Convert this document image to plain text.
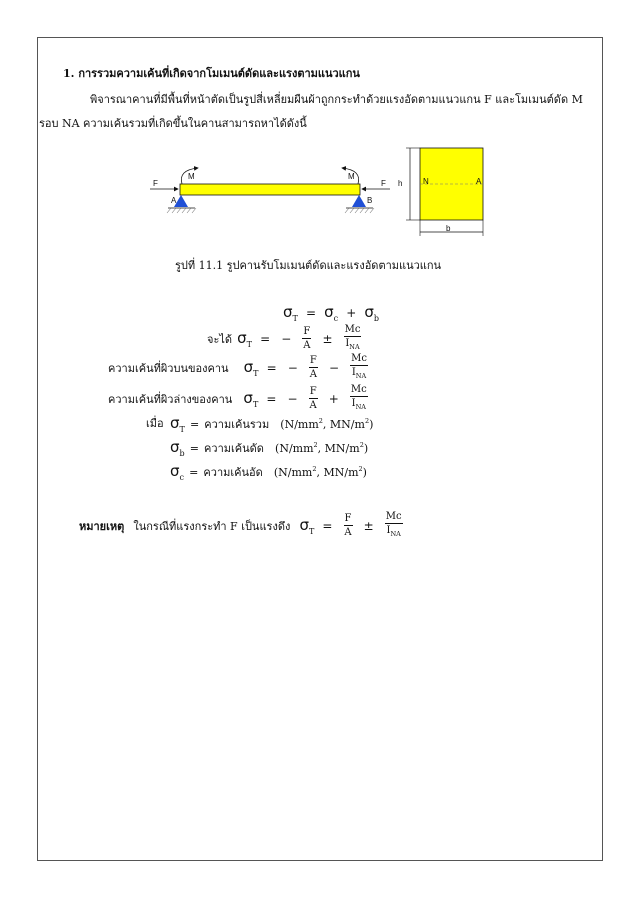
1. การรวมความเค้นที่เกิดจากโมเมนต์ดัดและแรงตามแนวแกน
พิจารณาคานที่มีพื้นที่หน้าตัดเป็นรูปสี่เหลี่ยมผืนผ้าถูกกระทำด้วยแรงอัดตามแนวแกน F และโมเมนต์ดัด M
รอบ NA ความเค้นรวมที่เกิดขึ้นในคานสามารถหาได้ดังนี้
F	F
M	M
A	B
h
b
N	A
รูปที่ 11.1 รูปคานรับโมเมนต์ดัดและแรงอัดตามแนวแกน
$\sigma_T = \sigma_c + \sigma_b$
จะได้ $\sigma_T$ = − $\frac{F}{A} \pm \frac{Mc}{I_{NA}}$
ความเค้นที่ผิวบนของคาน $\sigma_T$ = − $\frac{F}{A} - \frac{Mc}{I_{NA}}$
ความเค้นที่ผิวล่างของคาน $\sigma_T$ = − $\frac{F}{A} + \frac{Mc}{I_{NA}}$
เมื่อ $\sigma_T$ = ความเค้นรวม ($N/mm^2$, $MN/m^2$)
$\sigma_b$ = ความเค้นดัด ($N/mm^2$, $MN/m^2$)
$\sigma_c$ = ความเค้นอัด ($N/mm^2$, $MN/m^2$)
หมายเหตุ ในกรณีที่แรงกระทำ F เป็นแรงดึง $\sigma_T = \frac{F}{A} \pm \frac{Mc}{I_{NA}}$
